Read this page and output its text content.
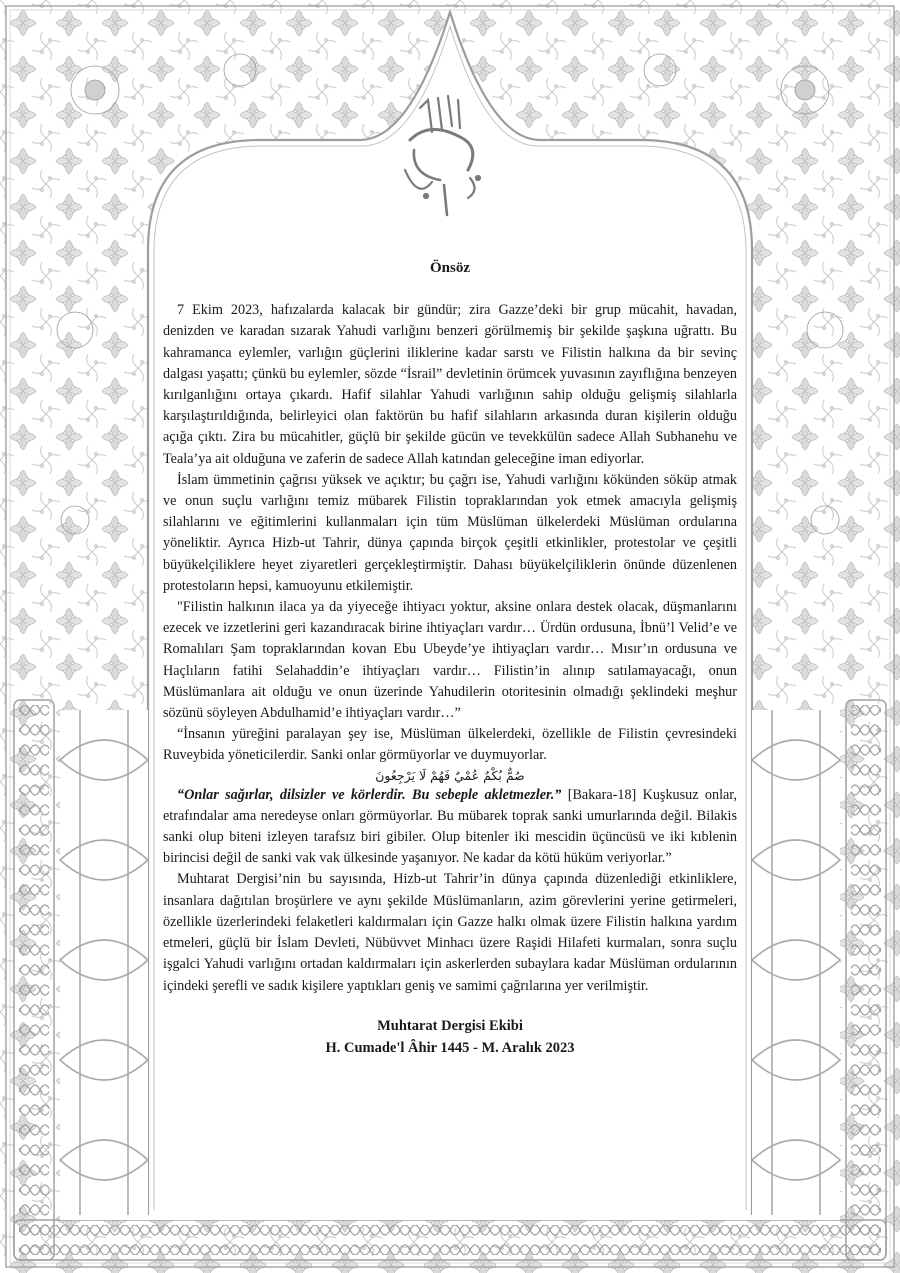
Önsöz

7 Ekim 2023, hafızalarda kalacak bir gündür; zira Gazze’deki bir grup mücahit, havadan, denizden ve karadan sızarak Yahudi varlığını benzeri görülmemiş bir şekilde şaşkına uğrattı. Bu kahramanca eylemler, varlığın güçlerini iliklerine kadar sarstı ve Filistin halkına da bir sevinç dalgası yaşattı; çünkü bu eylemler, sözde “İsrail” devletinin örümcek yuvasının zayıflığına benzeyen kırılganlığını ortaya çıkardı. Hafif silahlar Yahudi varlığının sahip olduğu gelişmiş silahlarla karşılaştırıldığında, belirleyici olan faktörün bu hafif silahların arkasında duran kişilerin olduğu açığa çıktı. Zira bu mücahitler, güçlü bir şekilde gücün ve tevekkülün sadece Allah Subhanehu ve Teala’ya ait olduğuna ve zaferin de sadece Allah katından geleceğine iman ediyorlar.

İslam ümmetinin çağrısı yüksek ve açıktır; bu çağrı ise, Yahudi varlığını kökünden söküp atmak ve onun suçlu varlığını temiz mübarek Filistin topraklarından yok etmek amacıyla gelişmiş silahlarını ve eğitimlerini kullanmaları için tüm Müslüman ülkelerdeki Müslüman ordularına yöneliktir. Ayrıca Hizb-ut Tahrir, dünya çapında birçok çeşitli etkinlikler, protestolar ve çeşitli büyükelçiliklere heyet ziyaretleri gerçekleştirmiştir. Dahası büyükelçiliklerin önünde düzenlenen protestoların hepsi, kamuoyunu etkilemiştir.

"Filistin halkının ilaca ya da yiyeceğe ihtiyacı yoktur, aksine onlara destek olacak, düşmanlarını ezecek ve izzetlerini geri kazandıracak birine ihtiyaçları vardır… Ürdün ordusuna, İbnü’l Velid’e ve Romalıları Şam topraklarından kovan Ebu Ubeyde’ye ihtiyaçları vardır… Mısır’ın ordusuna ve Haçlıların fatihi Selahaddin’e ihtiyaçları vardır… Filistin’in alınıp satılamayacağı, onun Müslümanlara ait olduğu ve onun üzerinde Yahudilerin otoritesinin olmadığı şeklindeki meşhur sözünü söyleyen Abdulhamid’e ihtiyaçları vardır…”

“İnsanın yüreğini paralayan şey ise, Müslüman ülkelerdeki, özellikle de Filistin çevresindeki Ruveybida yöneticilerdir. Sanki onlar görmüyorlar ve duymuyorlar.

صُمٌّ بُكْمٌ عُمْيٌ فَهُمْ لَا يَرْجِعُونَ

“Onlar sağırlar, dilsizler ve körlerdir. Bu sebeple akletmezler.” [Bakara-18] Kuşkusuz onlar, etrafındalar ama neredeyse onları görmüyorlar. Bu mübarek toprak sanki umurlarında değil. Bilakis sanki olup biteni izleyen tarafsız biri gibiler. Olup bitenler iki mescidin üçüncüsü ve iki kıblenin birincisi değil de sanki vak vak ülkesinde yaşanıyor. Ne kadar da kötü hüküm veriyorlar.”

Muhtarat Dergisi’nin bu sayısında, Hizb-ut Tahrir’in dünya çapında düzenlediği etkinliklere, insanlara dağıtılan broşürlere ve aynı şekilde Müslümanların, azim görevlerini yerine getirmeleri, özellikle üzerlerindeki felaketleri kaldırmaları için Gazze halkı olmak üzere Filistin halkına yardım etmeleri, güçlü bir İslam Devleti, Nübüvvet Minhacı üzere Raşidi Hilafeti kurmaları, sonra suçlu işgalci Yahudi varlığını ortadan kaldırmaları için askerlerden subaylara kadar Müslüman ordularının içindeki şerefli ve sadık kişilere yaptıkları geniş ve samimi çağrılarına yer verilmiştir.

Muhtarat Dergisi Ekibi
H. Cumade'l Âhir 1445 - M. Aralık 2023
